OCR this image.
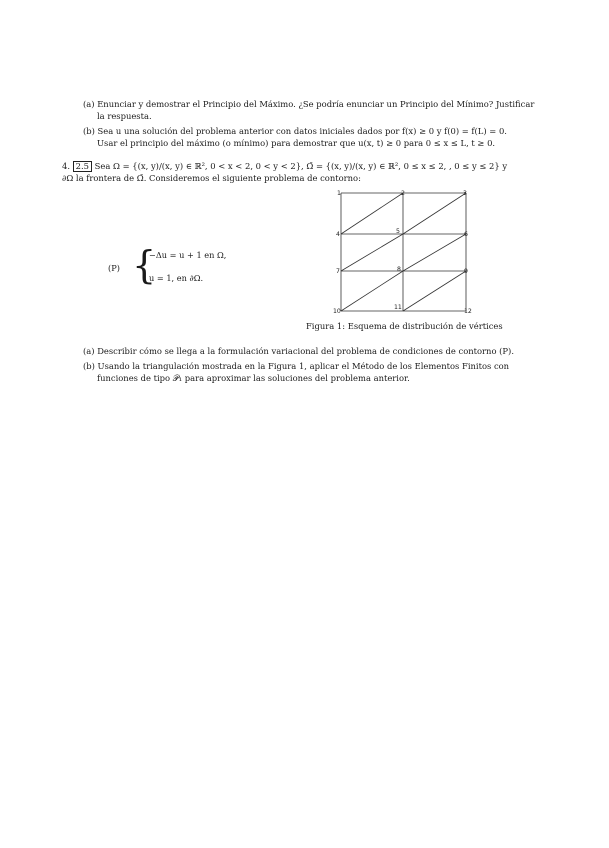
(a) Enunciar y demostrar el Principio del Máximo. ¿Se podría enunciar un Principio del Mínimo? Justificar
la respuesta.
(b) Sea u una solución del problema anterior con datos iniciales dados por f(x) ≥ 0 y f(0) = f(L) = 0.
Usar el principio del máximo (o mínimo) para demostrar que u(x, t) ≥ 0 para 0 ≤ x ≤ L, t ≥ 0.
4. 2.5 Sea Ω = {(x, y)/(x, y) ∈ ℝ², 0 < x < 2, 0 < y < 2}, Ω̄ = {(x, y)/(x, y) ∈ ℝ², 0 ≤ x ≤ 2, , 0 ≤ y ≤ 2} y
∂Ω la frontera de Ω̄. Consideremos el siguiente problema de contorno:
(P) {
−Δu = u + 1 en Ω,
u = 1, en ∂Ω.
1	2	3
4	5	6
7	8	9
10
11
12
Figura 1: Esquema de distribución de vértices
(a) Describir cómo se llega a la formulación variacional del problema de condiciones de contorno (P).
(b) Usando la triangulación mostrada en la Figura 1, aplicar el Método de los Elementos Finitos con
funciones de tipo 𝒫₁ para aproximar las soluciones del problema anterior.
